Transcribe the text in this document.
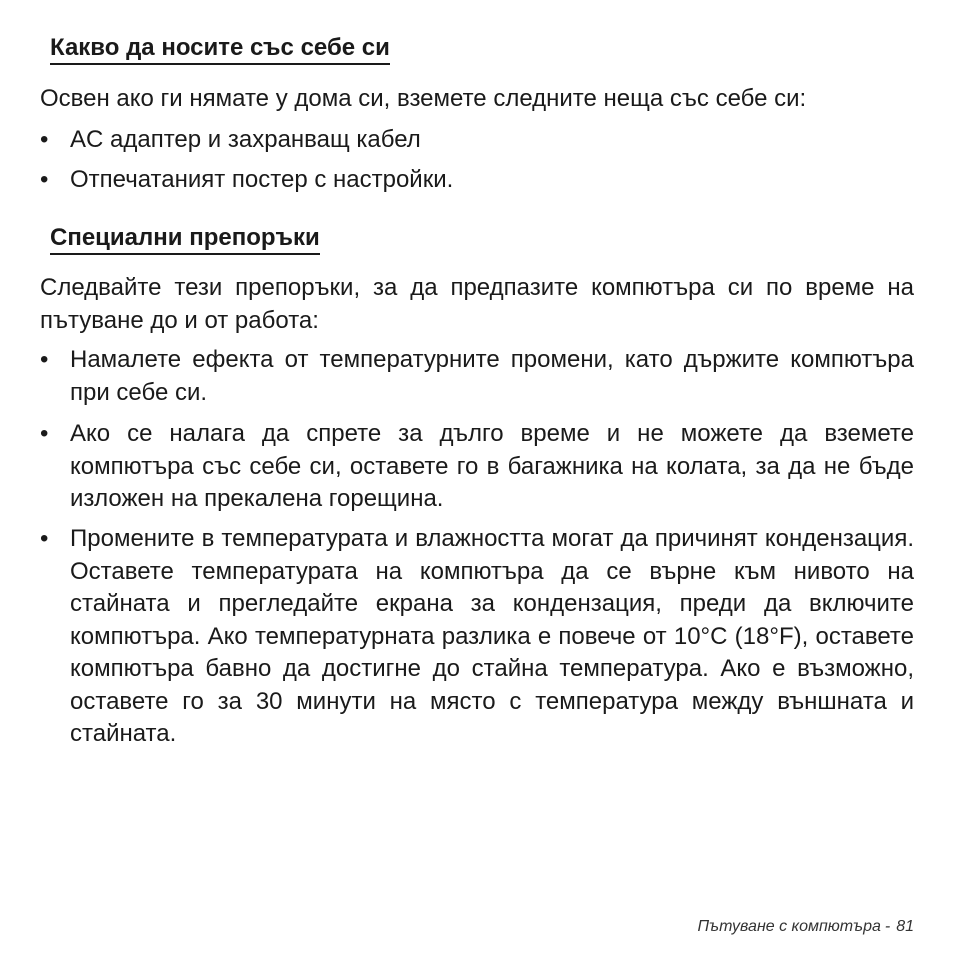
Какво да носите със себе си

Освен ако ги нямате у дома си, вземете следните неща със себе си:

• AC адаптер и захранващ кабел
• Отпечатаният постер с настройки.
Специални препоръки

Следвайте тези препоръки, за да предпазите компютъра си по време на пътуване до и от работа:

• Намалете ефекта от температурните промени, като държите компютъра при себе си.
• Ако се налага да спрете за дълго време и не можете да вземете компютъра със себе си, оставете го в багажника на колата, за да не бъде изложен на прекалена горещина.
• Промените в температурата и влажността могат да причинят кондензация. Оставете температурата на компютъра да се върне към нивото на стайната и прегледайте екрана за кондензация, преди да включите компютъра. Ако температурната разлика е повече от 10°C (18°F), оставете компютъра бавно да достигне до стайна температура. Ако е възможно, оставете го за 30 минути на място с температура между външната и стайната.
Пътуване с компютъра - 81
